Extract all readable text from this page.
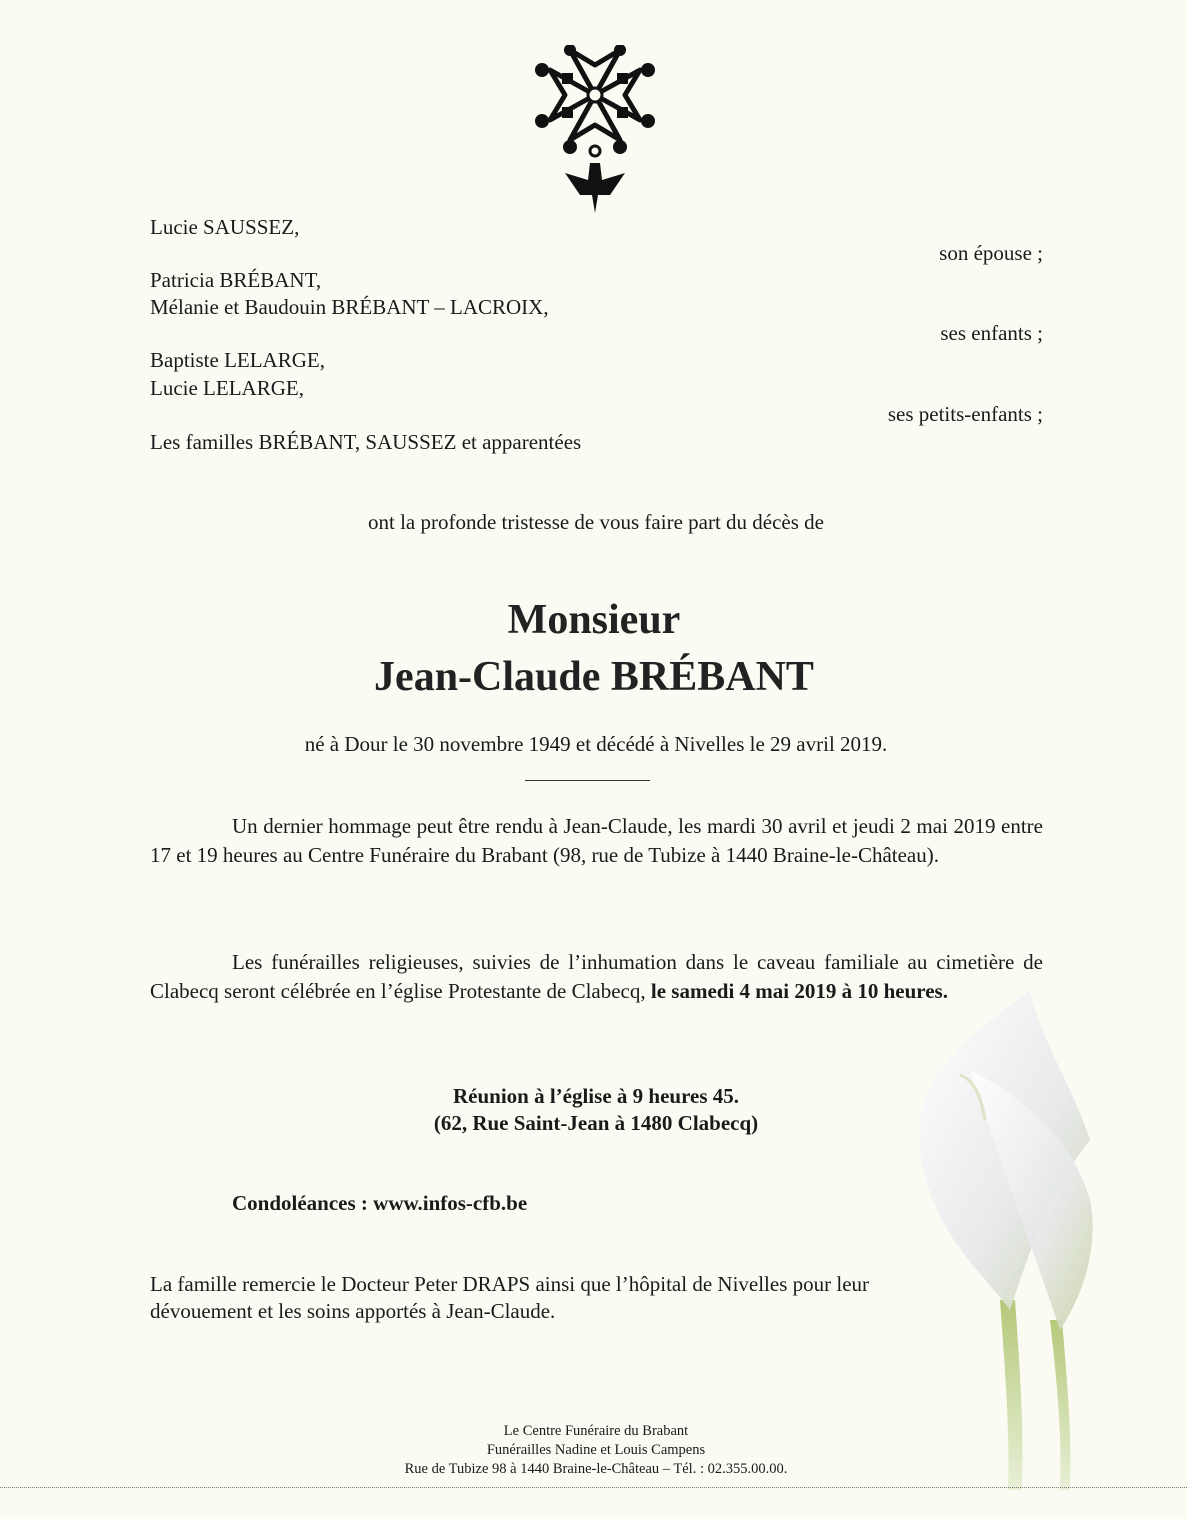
Lucie SAUSSEZ,
son épouse ;
Patricia BRÉBANT,
Mélanie et Baudouin BRÉBANT – LACROIX,
ses enfants ;
Baptiste LELARGE,
Lucie LELARGE,
ses petits-enfants ;
Les familles BRÉBANT, SAUSSEZ et apparentées
ont la profonde tristesse de vous faire part du décès de
Monsieur
Jean-Claude BRÉBANT
né à Dour le 30 novembre 1949 et décédé à Nivelles le 29 avril 2019.

Un dernier hommage peut être rendu à Jean-Claude, les mardi 30 avril et jeudi 2 mai 2019 entre 17 et 19 heures au Centre Funéraire du Brabant (98, rue de Tubize à 1440 Braine-le-Château).

Les funérailles religieuses, suivies de l’inhumation dans le caveau familiale au cimetière de Clabecq seront célébrée en l’église Protestante de Clabecq, le samedi 4 mai 2019 à 10 heures.

Réunion à l’église à 9 heures 45.
(62, Rue Saint-Jean à 1480 Clabecq)
Condoléances : www.infos-cfb.be
La famille remercie le Docteur Peter DRAPS ainsi que l’hôpital de Nivelles pour leur
dévouement et les soins apportés à Jean-Claude.
Le Centre Funéraire du Brabant
Funérailles Nadine et Louis Campens
Rue de Tubize 98 à 1440 Braine-le-Château – Tél. : 02.355.00.00.
